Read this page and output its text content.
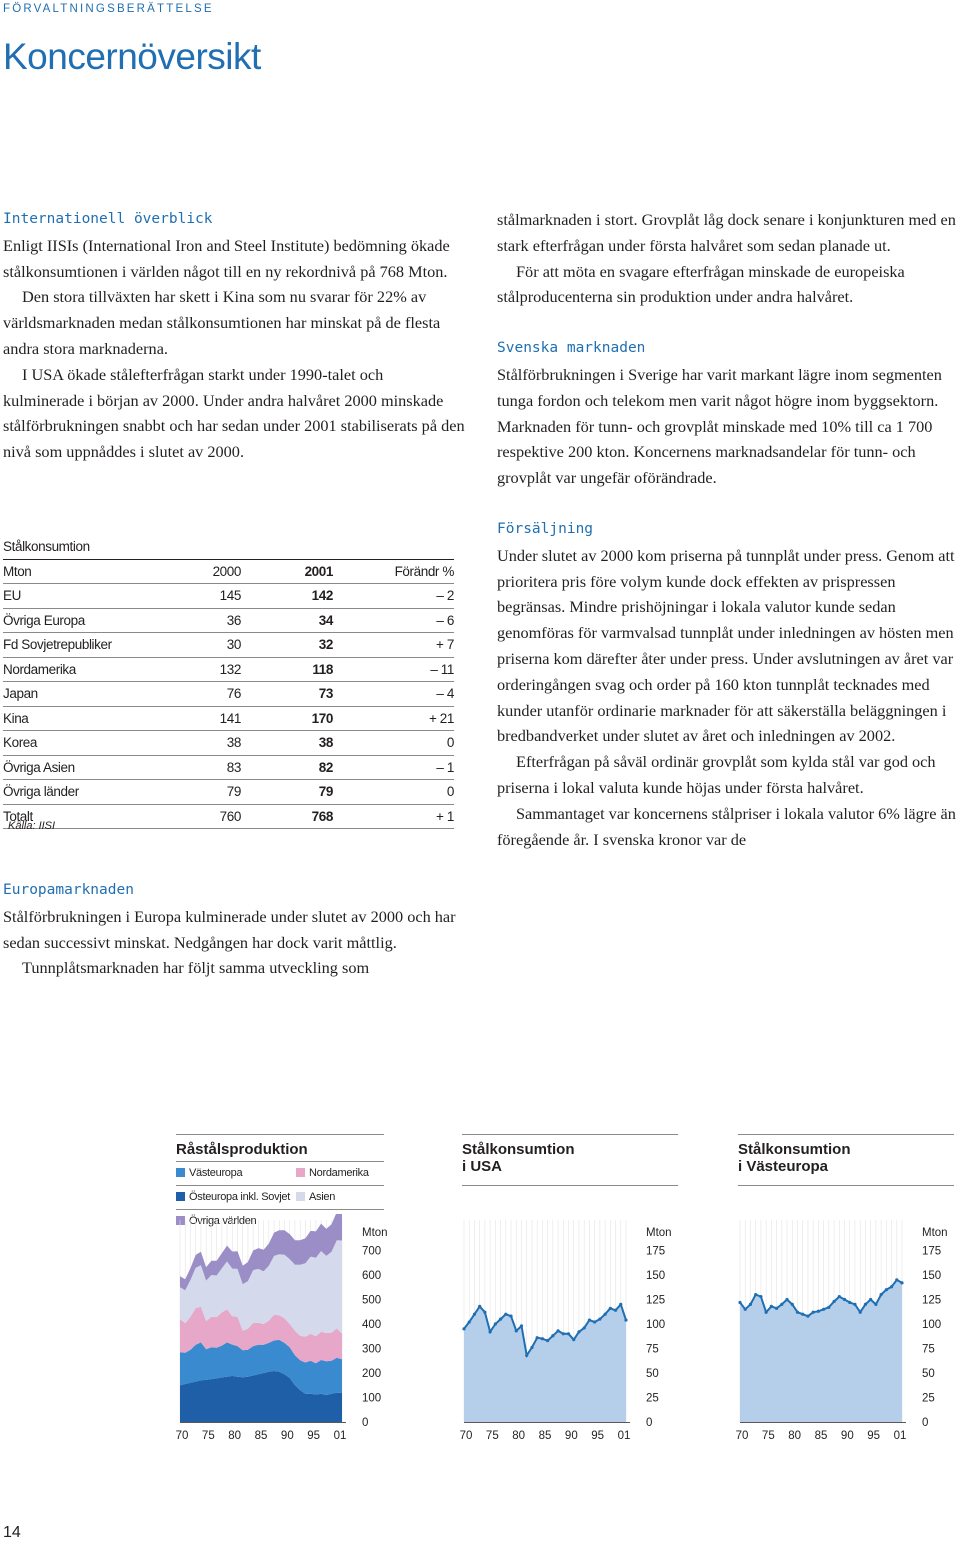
FÖRVALTNINGSBERÄTTELSE
Koncernöversikt
Internationell överblick

Enligt IISIs (International Iron and Steel Institute) bedömning ökade stålkonsumtionen i världen något till en ny rekordnivå på 768 Mton.

Den stora tillväxten har skett i Kina som nu svarar för 22% av världsmarknaden medan stålkonsumtionen har minskat på de flesta andra stora marknaderna.

I USA ökade stålefterfrågan starkt under 1990-talet och kulminerade i början av 2000. Under andra halvåret 2000 minskade stålförbrukningen snabbt och har sedan under 2001 stabiliserats på den nivå som uppnåddes i slutet av 2000.

Stålkonsumtion			
Mton	2000	2001	Förändr %
EU	145	142	– 2
Övriga Europa	36	34	– 6
Fd Sovjetrepubliker	30	32	+ 7
Nordamerika	132	118	– 11
Japan	76	73	– 4
Kina	141	170	+ 21
Korea	38	38	0
Övriga Asien	83	82	– 1
Övriga länder	79	79	0
Totalt	760	768	+ 1
Källa: IISI
Europamarknaden

Stålförbrukningen i Europa kulminerade under slutet av 2000 och har sedan successivt minskat. Nedgången har dock varit måttlig.

Tunnplåtsmarknaden har följt samma utveckling som

stålmarknaden i stort. Grovplåt låg dock senare i konjunkturen med en stark efterfrågan under första halvåret som sedan planade ut.

För att möta en svagare efterfrågan minskade de europeiska stålproducenterna sin produktion under andra halvåret.

Svenska marknaden

Stålförbrukningen i Sverige har varit markant lägre inom segmenten tunga fordon och telekom men varit något högre inom byggsektorn. Marknaden för tunn- och grovplåt minskade med 10% till ca 1 700 respektive 200 kton. Koncernens marknadsandelar för tunn- och grovplåt var ungefär oförändrade.

Försäljning

Under slutet av 2000 kom priserna på tunnplåt under press. Genom att prioritera pris före volym kunde dock effekten av prispressen begränsas. Mindre prishöjningar i lokala valutor kunde sedan genomföras för varmvalsad tunnplåt under inledningen av hösten men priserna kom därefter åter under press. Under avslutningen av året var orderingången svag och order på 160 kton tunnplåt tecknades med kunder utanför ordinarie marknader för att säkerställa beläggningen i bredbandverket under slutet av året och inledningen av 2002.

Efterfrågan på såväl ordinär grovplåt som kylda stål var god och priserna i lokal valuta kunde höjas under första halvåret.

Sammantaget var koncernens stålpriser i lokala valutor 6% lägre än föregående år. I svenska kronor var de

Råstålsproduktion
Västeuropa	Nordamerika
Östeuropa inkl. Sovjet	Asien
Övriga världen
70 75 80 85 90 95 01
Mton
0
100
200
300
400
500
600
700
Stålkonsumtion
i USA
70 75 80 85 90 95 01
Mton
0
25
50
75
100
125
150
175
Stålkonsumtion
i Västeuropa
70 75 80 85 90 95 01
Mton
0
25
50
75
100
125
150
175
14
